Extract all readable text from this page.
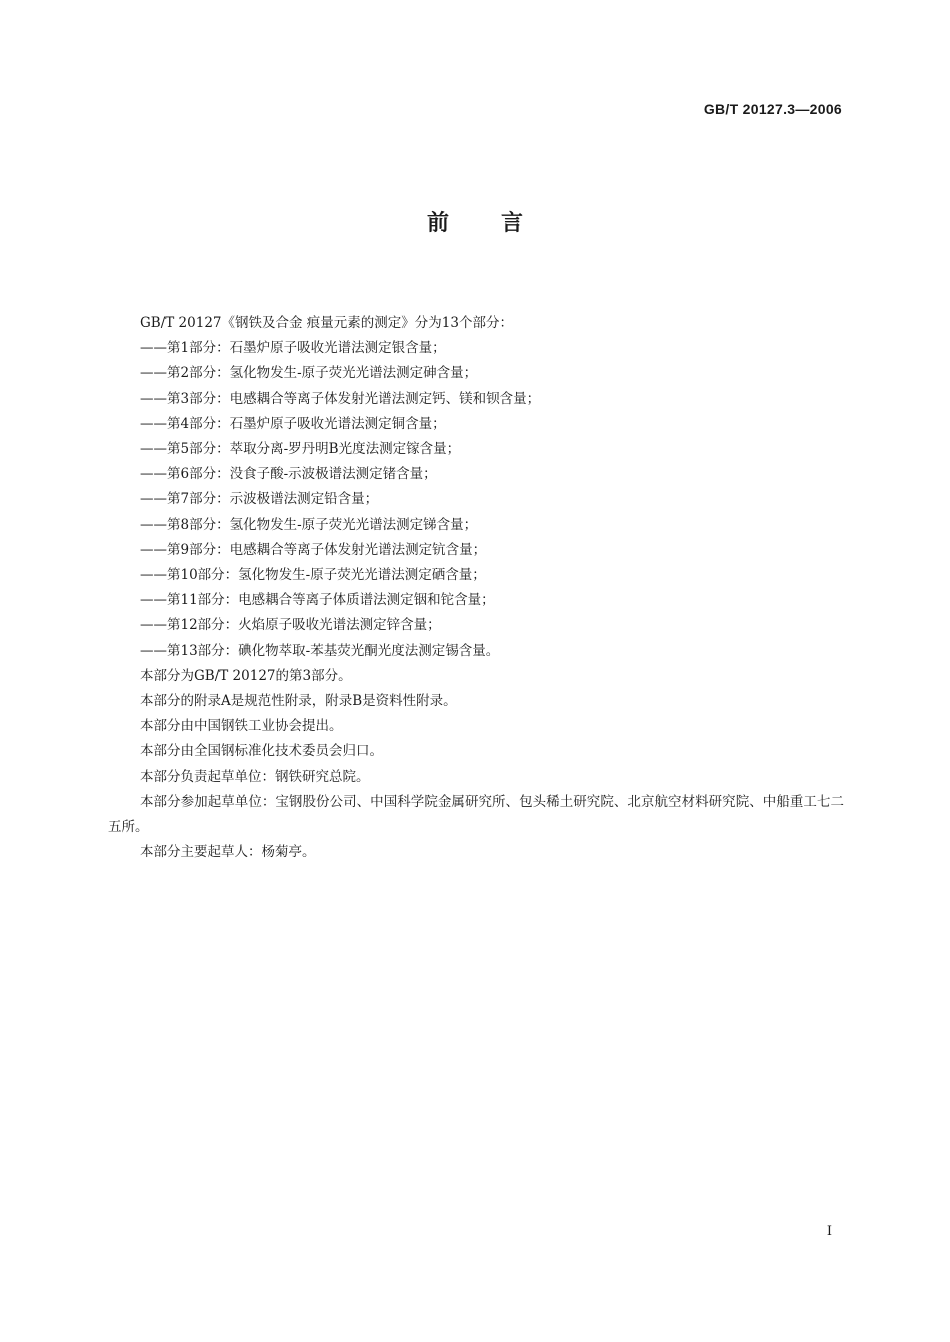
GB/T 20127.3—2006
前言

GB/T 20127《钢铁及合金 痕量元素的测定》分为13个部分：

——第1部分：石墨炉原子吸收光谱法测定银含量；

——第2部分：氢化物发生-原子荧光光谱法测定砷含量；

——第3部分：电感耦合等离子体发射光谱法测定钙、镁和钡含量；

——第4部分：石墨炉原子吸收光谱法测定铜含量；

——第5部分：萃取分离-罗丹明B光度法测定镓含量；

——第6部分：没食子酸-示波极谱法测定锗含量；

——第7部分：示波极谱法测定铅含量；

——第8部分：氢化物发生-原子荧光光谱法测定锑含量；

——第9部分：电感耦合等离子体发射光谱法测定钪含量；

——第10部分：氢化物发生-原子荧光光谱法测定硒含量；

——第11部分：电感耦合等离子体质谱法测定铟和铊含量；

——第12部分：火焰原子吸收光谱法测定锌含量；

——第13部分：碘化物萃取-苯基荧光酮光度法测定锡含量。

本部分为GB/T 20127的第3部分。

本部分的附录A是规范性附录，附录B是资料性附录。

本部分由中国钢铁工业协会提出。

本部分由全国钢标准化技术委员会归口。

本部分负责起草单位：钢铁研究总院。

本部分参加起草单位：宝钢股份公司、中国科学院金属研究所、包头稀土研究院、北京航空材料研究院、中船重工七二五所。

本部分主要起草人：杨菊亭。

I
